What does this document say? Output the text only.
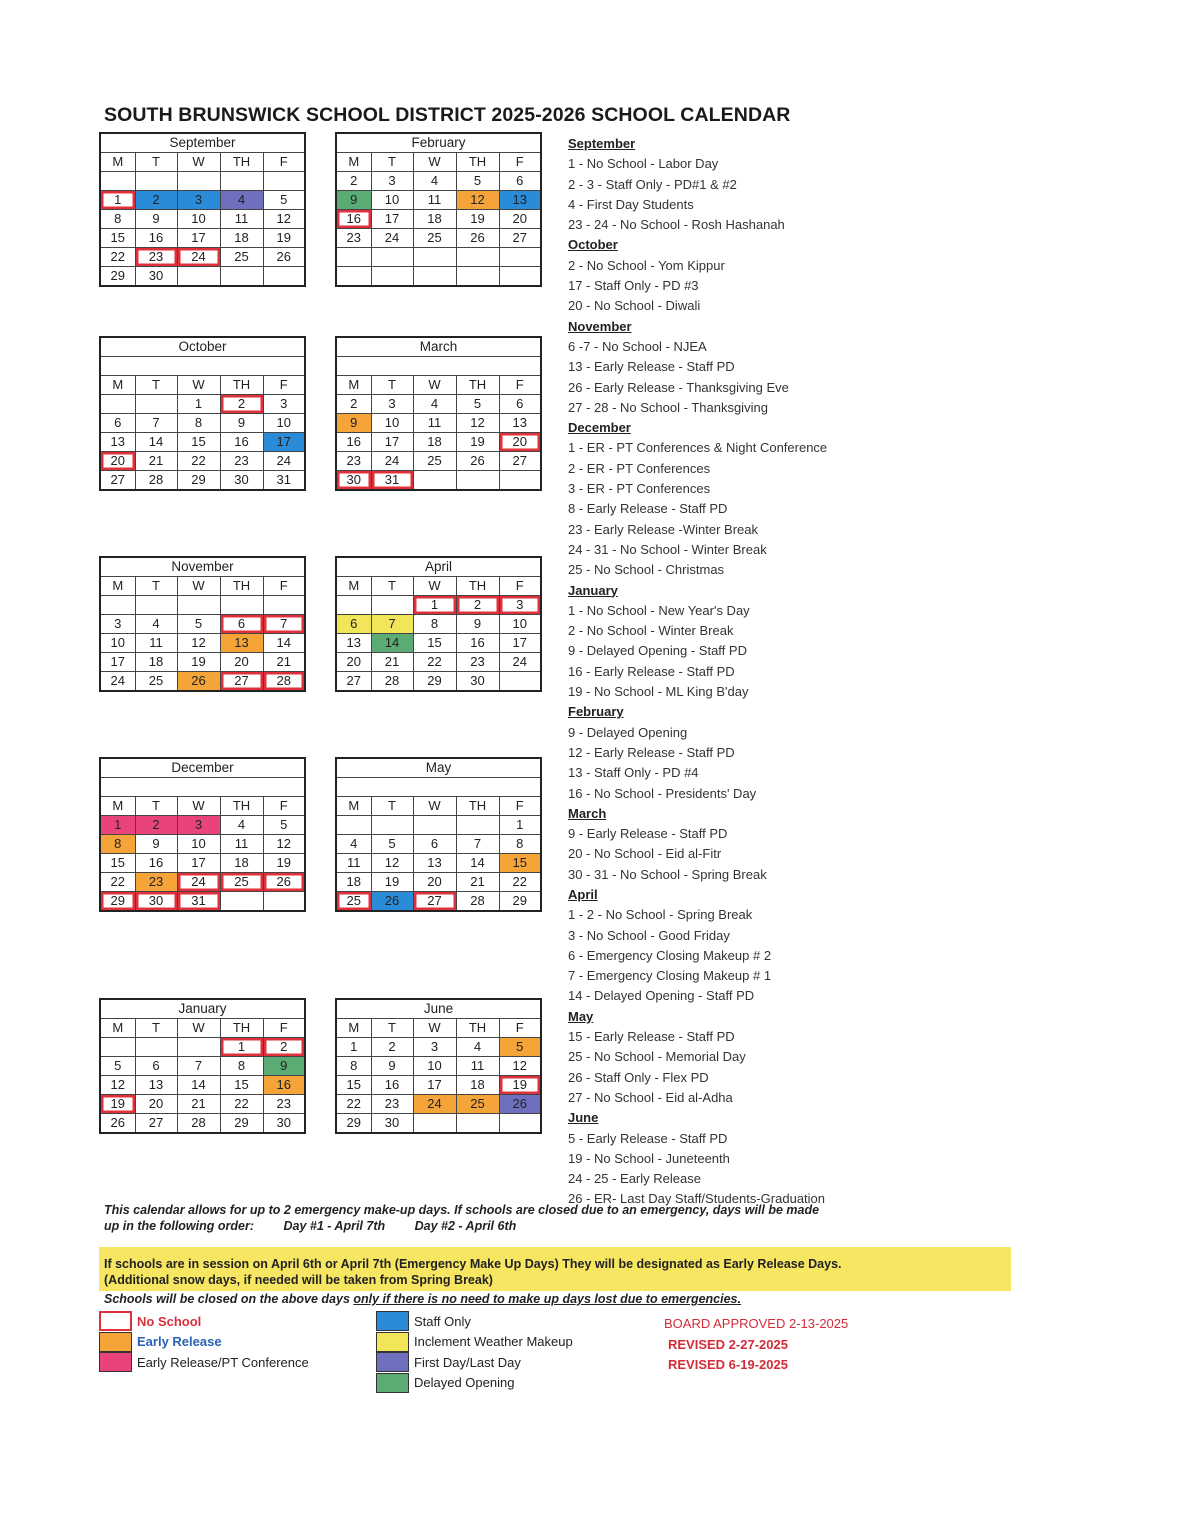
SOUTH BRUNSWICK SCHOOL DISTRICT 2025-2026 SCHOOL CALENDAR
September				
M	T	W	TH	F

1	2	3	4	5
8	9	10	11	12
15	16	17	18	19
22	23	24	25	26
29	30			
February				
M	T	W	TH	F
2	3	4	5	6
9	10	11	12	13
16	17	18	19	20
23	24	25	26	27

October				

M	T	W	TH	F
		1	2	3
6	7	8	9	10
13	14	15	16	17
20	21	22	23	24
27	28	29	30	31
March				

M	T	W	TH	F
2	3	4	5	6
9	10	11	12	13
16	17	18	19	20
23	24	25	26	27
30	31			
November				
M	T	W	TH	F

3	4	5	6	7
10	11	12	13	14
17	18	19	20	21
24	25	26	27	28
April				
M	T	W	TH	F
		1	2	3
6	7	8	9	10
13	14	15	16	17
20	21	22	23	24
27	28	29	30	
December				

M	T	W	TH	F
1	2	3	4	5
8	9	10	11	12
15	16	17	18	19
22	23	24	25	26
29	30	31		
May				

M	T	W	TH	F
				1
4	5	6	7	8
11	12	13	14	15
18	19	20	21	22
25	26	27	28	29
January				
M	T	W	TH	F
			1	2
5	6	7	8	9
12	13	14	15	16
19	20	21	22	23
26	27	28	29	30
June				
M	T	W	TH	F
1	2	3	4	5
8	9	10	11	12
15	16	17	18	19
22	23	24	25	26
29	30			
September
1 - No School - Labor Day
2 - 3 - Staff Only - PD#1 & #2
4 - First Day Students
23 - 24 - No School - Rosh Hashanah
October
2 - No School - Yom Kippur
17 - Staff Only - PD #3
20 - No School - Diwali
November
6 -7 - No School - NJEA
13 - Early Release - Staff PD
26 - Early Release - Thanksgiving Eve
27 - 28 - No School - Thanksgiving
December
1 - ER - PT Conferences & Night Conference
2 - ER - PT Conferences
3 - ER - PT Conferences
8 - Early Release - Staff PD
23 - Early Release -Winter Break
24 - 31 - No School - Winter Break
25 - No School - Christmas
January
1 - No School - New Year's Day
2 - No School - Winter Break
9 - Delayed Opening - Staff PD
16 - Early Release - Staff PD
19 - No School - ML King B'day
February
9 - Delayed Opening
12 - Early Release - Staff PD
13 - Staff Only - PD #4
16 - No School - Presidents' Day
March
9 - Early Release - Staff PD
20 - No School - Eid al-Fitr
30 - 31 - No School - Spring Break
April
1 - 2 - No School - Spring Break
3 - No School - Good Friday
6 - Emergency Closing Makeup # 2
7 - Emergency Closing Makeup # 1
14 - Delayed Opening - Staff PD
May
15 - Early Release - Staff PD
25 - No School - Memorial Day
26 - Staff Only - Flex PD
27 - No School - Eid al-Adha
June
5 - Early Release - Staff PD
19 - No School - Juneteenth
24 - 25 - Early Release
26 - ER- Last Day Staff/Students-Graduation
This calendar allows for up to 2 emergency make-up days. If schools are closed due to an emergency, days will be made
up in the following order: Day #1 - April 7th Day #2 - April 6th
If schools are in session on April 6th or April 7th (Emergency Make Up Days) They will be designated as Early Release Days.
(Additional snow days, if needed will be taken from Spring Break)
Schools will be closed on the above days only if there is no need to make up days lost due to emergencies.
No School
Early Release
Early Release/PT Conference
Staff Only
Inclement Weather Makeup
First Day/Last Day
Delayed Opening
BOARD APPROVED 2-13-2025
REVISED 2-27-2025
REVISED 6-19-2025
